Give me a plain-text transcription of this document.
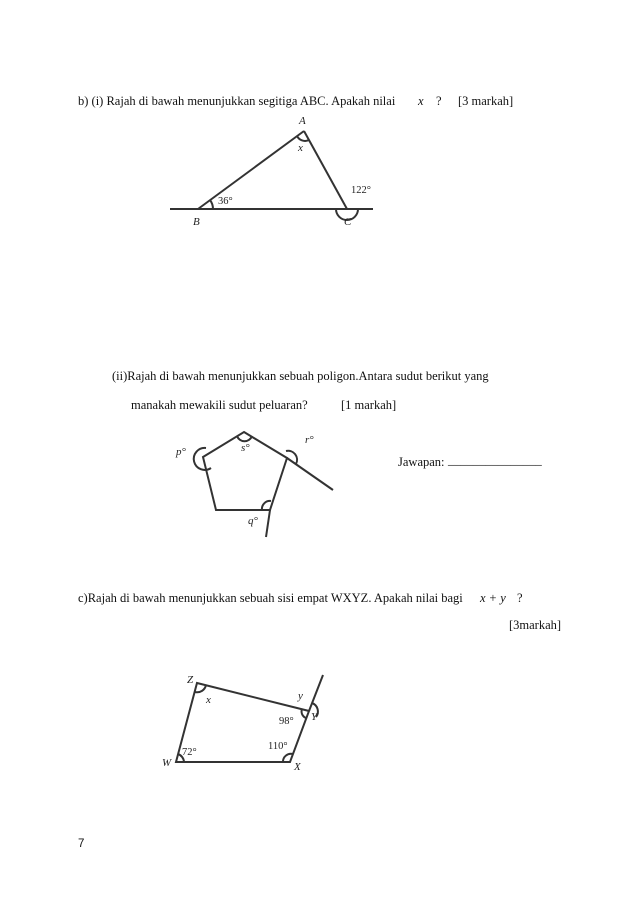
b) (i) Rajah di bawah menunjukkan segitiga ABC. Apakah nilai x ? [3 markah]
A
x
36°
122°
B	C
(ii)Rajah di bawah menunjukkan sebuah poligon.Antara sudut berikut yang
manakah mewakili sudut peluaran?	[1 markah]
s°
p°
r°
q°
Jawapan: _______________
c)Rajah di bawah menunjukkan sebuah sisi empat WXYZ. Apakah nilai bagi x + y ?
[3markah]
Z
x	y
98° Y
72°
110°
W	X
7
